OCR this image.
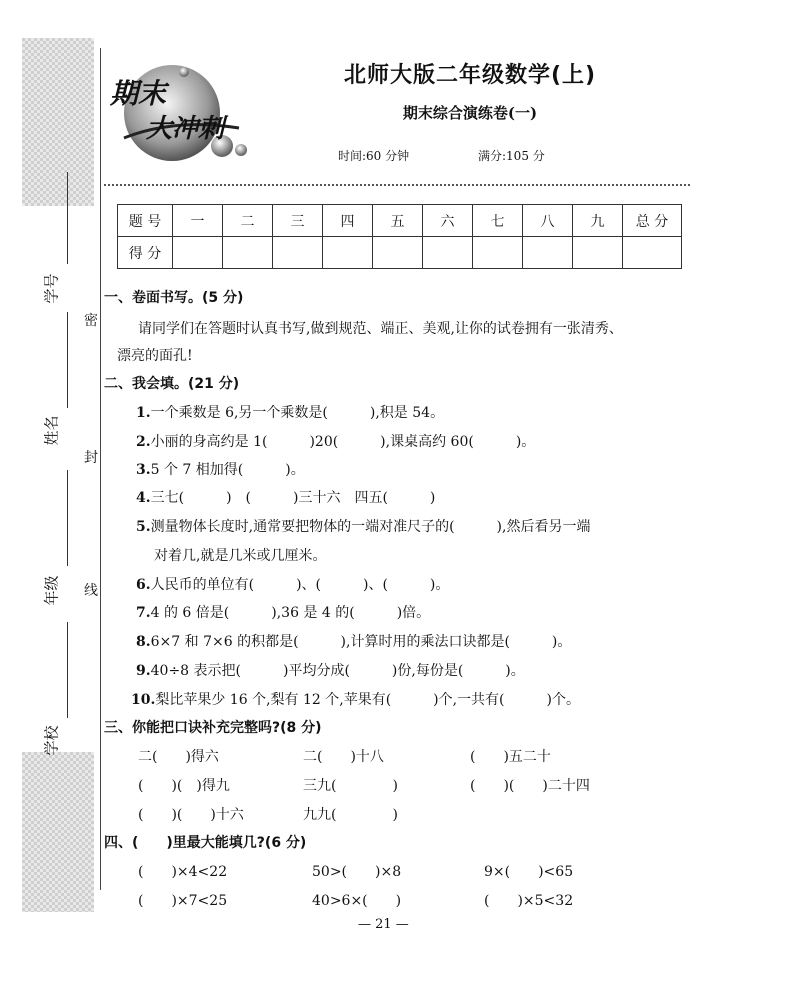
学号
姓名
年级
学校
密
封
线
期末
大冲刺
北师大版二年级数学(上)
期末综合演练卷(一)
时间:60 分钟	满分:105 分
题 号	一	二	三	四	五	六	七	八	九	总 分
得 分										
一、卷面书写。(5 分)
请同学们在答题时认真书写,做到规范、端正、美观,让你的试卷拥有一张清秀、
漂亮的面孔!
二、我会填。(21 分)
1.一个乘数是 6,另一个乘数是(　　　),积是 54。
2.小丽的身高约是 1(　　　)20(　　　),课桌高约 60(　　　)。
3.5 个 7 相加得(　　　)。
4.三七(　　　)　(　　　)三十六　四五(　　　)
5.测量物体长度时,通常要把物体的一端对准尺子的(　　　),然后看另一端
对着几,就是几米或几厘米。
6.人民币的单位有(　　　)、(　　　)、(　　　)。
7.4 的 6 倍是(　　　),36 是 4 的(　　　)倍。
8.6×7 和 7×6 的积都是(　　　),计算时用的乘法口诀都是(　　　)。
9.40÷8 表示把(　　　)平均分成(　　　)份,每份是(　　　)。
10.梨比苹果少 16 个,梨有 12 个,苹果有(　　　)个,一共有(　　　)个。
三、你能把口诀补充完整吗?(8 分)
二(　　)得六	二(　　)十八	(　　)五二十
(　　)(　)得九	三九(　　　　)	(　　)(　　)二十四
(　　)(　　)十六	九九(　　　　)
四、(　　)里最大能填几?(6 分)
(　　)×4<22	50>(　　)×8	9×(　　)<65
(　　)×7<25	40>6×(　　)	(　　)×5<32
— 21 —
